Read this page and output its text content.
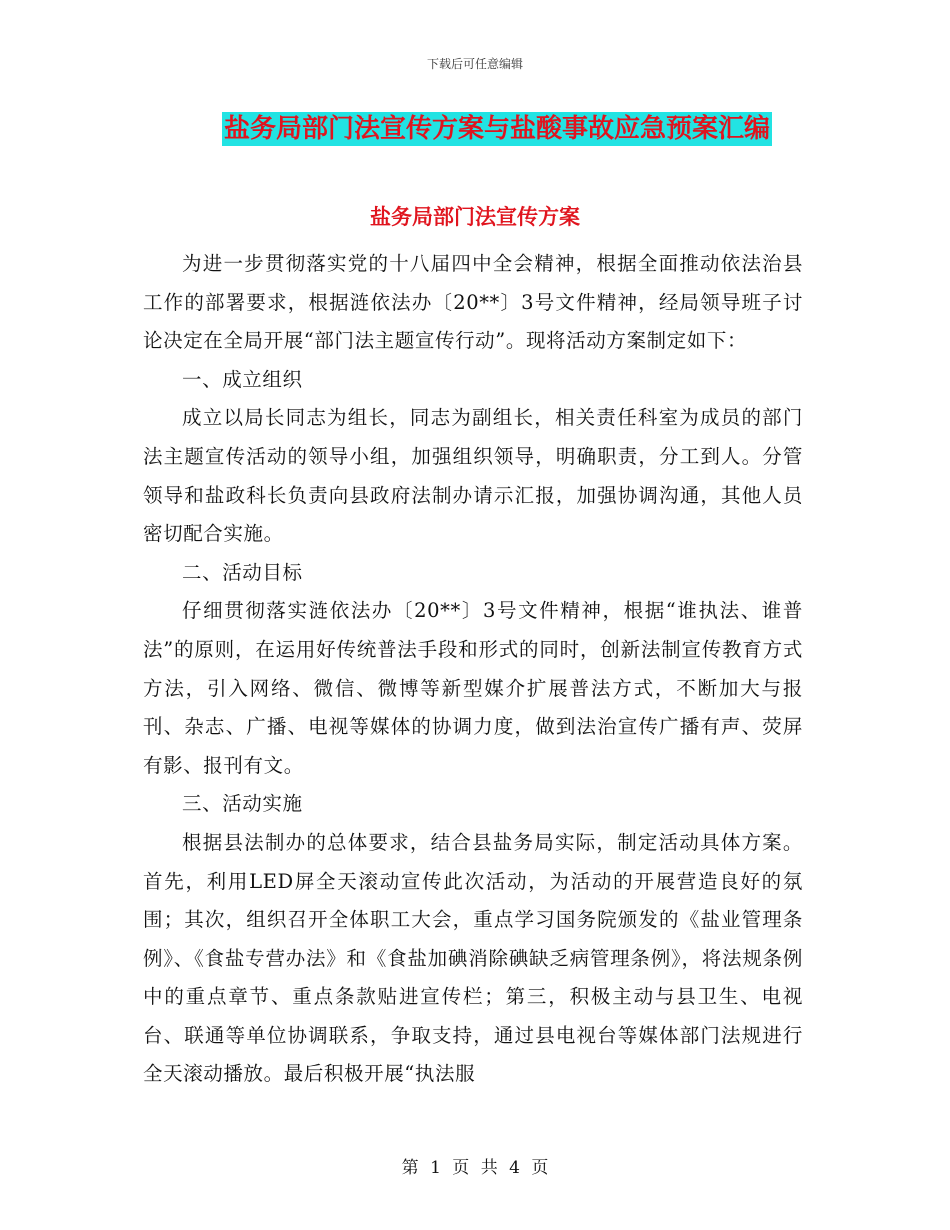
下载后可任意编辑
盐务局部门法宣传方案与盐酸事故应急预案汇编
盐务局部门法宣传方案

为进一步贯彻落实党的十八届四中全会精神，根据全面推动依法治县工作的部署要求，根据涟依法办〔20**〕3号文件精神，经局领导班子讨论决定在全局开展“部门法主题宣传行动”。现将活动方案制定如下：

一、成立组织

成立以局长同志为组长，同志为副组长，相关责任科室为成员的部门法主题宣传活动的领导小组，加强组织领导，明确职责，分工到人。分管领导和盐政科长负责向县政府法制办请示汇报，加强协调沟通，其他人员密切配合实施。

二、活动目标

仔细贯彻落实涟依法办〔20**〕3号文件精神，根据“谁执法、谁普法”的原则，在运用好传统普法手段和形式的同时，创新法制宣传教育方式方法，引入网络、微信、微博等新型媒介扩展普法方式，不断加大与报刊、杂志、广播、电视等媒体的协调力度，做到法治宣传广播有声、荧屏有影、报刊有文。

三、活动实施

根据县法制办的总体要求，结合县盐务局实际，制定活动具体方案。首先，利用LED屏全天滚动宣传此次活动，为活动的开展营造良好的氛围；其次，组织召开全体职工大会，重点学习国务院颁发的《盐业管理条例》、《食盐专营办法》和《食盐加碘消除碘缺乏病管理条例》，将法规条例中的重点章节、重点条款贴进宣传栏；第三，积极主动与县卫生、电视台、联通等单位协调联系，争取支持，通过县电视台等媒体部门法规进行全天滚动播放。最后积极开展“执法服

第 1 页 共 4 页
